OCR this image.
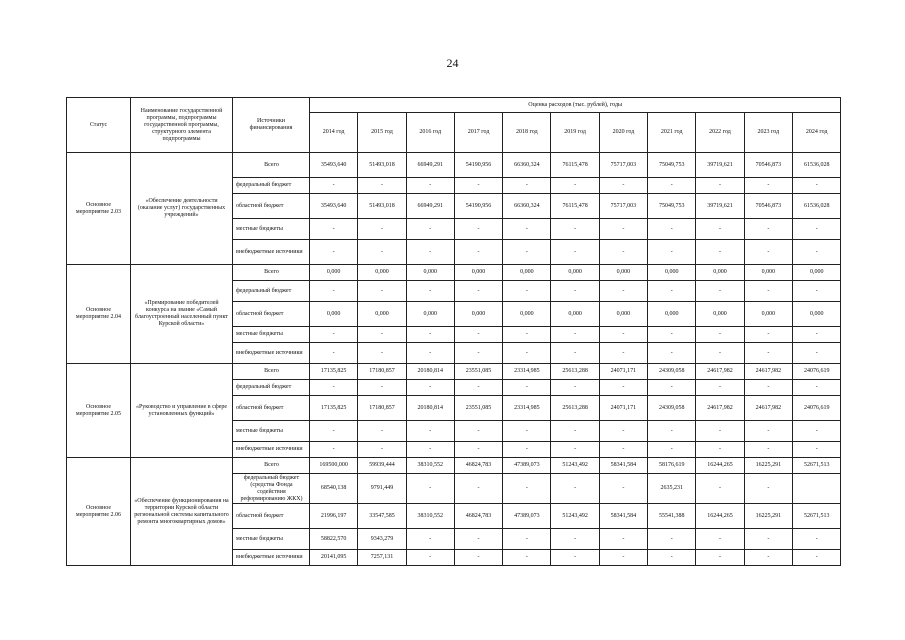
24
Статус	Наименование государственной программы, подпрограммы государственной программы, структурного элемента подпрограммы	Источники финансирования	Оценка расходов (тыс. рублей), годы										
			2014 год	2015 год	2016 год	2017 год	2018 год	2019 год	2020 год	2021 год	2022 год	2023 год	2024 год
Основное мероприятие 2.03	«Обеспечение деятельности (оказание услуг) государственных учреждений»	Всего	35493,640	51493,018	66949,291	54190,956	66360,324	76115,478	75717,003	75049,753	39719,621	70546,873	61536,028
		федеральный бюджет	-	-	-	-	-	-	-	-	-	-	-
		областной бюджет	35493,640	51493,018	66949,291	54190,956	66360,324	76115,478	75717,003	75049,753	39719,621	70546,873	61536,028
		местные бюджеты	-	-	-	-	-	-	-	-	-	-	-
		внебюджетные источники	-	-	-	-	-	-	-	-	-	-	-
Основное мероприятие 2.04	«Премирование победителей конкурса на звание «Самый благоустроенный населенный пункт Курской области»	Всего	0,000	0,000	0,000	0,000	0,000	0,000	0,000	0,000	0,000	0,000	0,000
		федеральный бюджет	-	-	-	-	-	-	-	-	-	-	-
		областной бюджет	0,000	0,000	0,000	0,000	0,000	0,000	0,000	0,000	0,000	0,000	0,000
		местные бюджеты	-	-	-	-	-	-	-	-	-	-	-
		внебюджетные источники	-	-	-	-	-	-	-	-	-	-	-
Основное мероприятие 2.05	«Руководство и управление в сфере установленных функций»	Всего	17135,825	17180,857	20180,814	23551,085	23314,985	25613,288	24071,171	24309,058	24617,982	24617,982	24076,619
		федеральный бюджет	-	-	-	-	-	-	-	-	-	-	-
		областной бюджет	17135,825	17180,857	20180,814	23551,085	23314,985	25613,288	24071,171	24309,058	24617,982	24617,982	24076,619
		местные бюджеты	-	-	-	-	-	-	-	-	-	-	-
		внебюджетные источники	-	-	-	-	-	-	-	-	-	-	-
Основное мероприятие 2.06	«Обеспечение функционирования на территории Курской области региональной системы капитального ремонта многоквартирных домов»	Всего	169500,000	59939,444	38310,552	46824,783	47389,073	51243,492	58341,584	58176,619	16244,265	16225,291	52671,513
		федеральный бюджет (средства Фонда содействия реформированию ЖКХ)	68540,138	9791,449	-	-	-	-	-	2635,231	-	-	
		областной бюджет	21996,197	33547,585	38310,552	46824,783	47389,073	51243,492	58341,584	55541,388	16244,265	16225,291	52671,513
		местные бюджеты	58822,570	9343,279	-	-	-	-	-	-	-	-	-
		внебюджетные источники	20141,095	7257,131	-	-	-	-	-	-	-	-	-
